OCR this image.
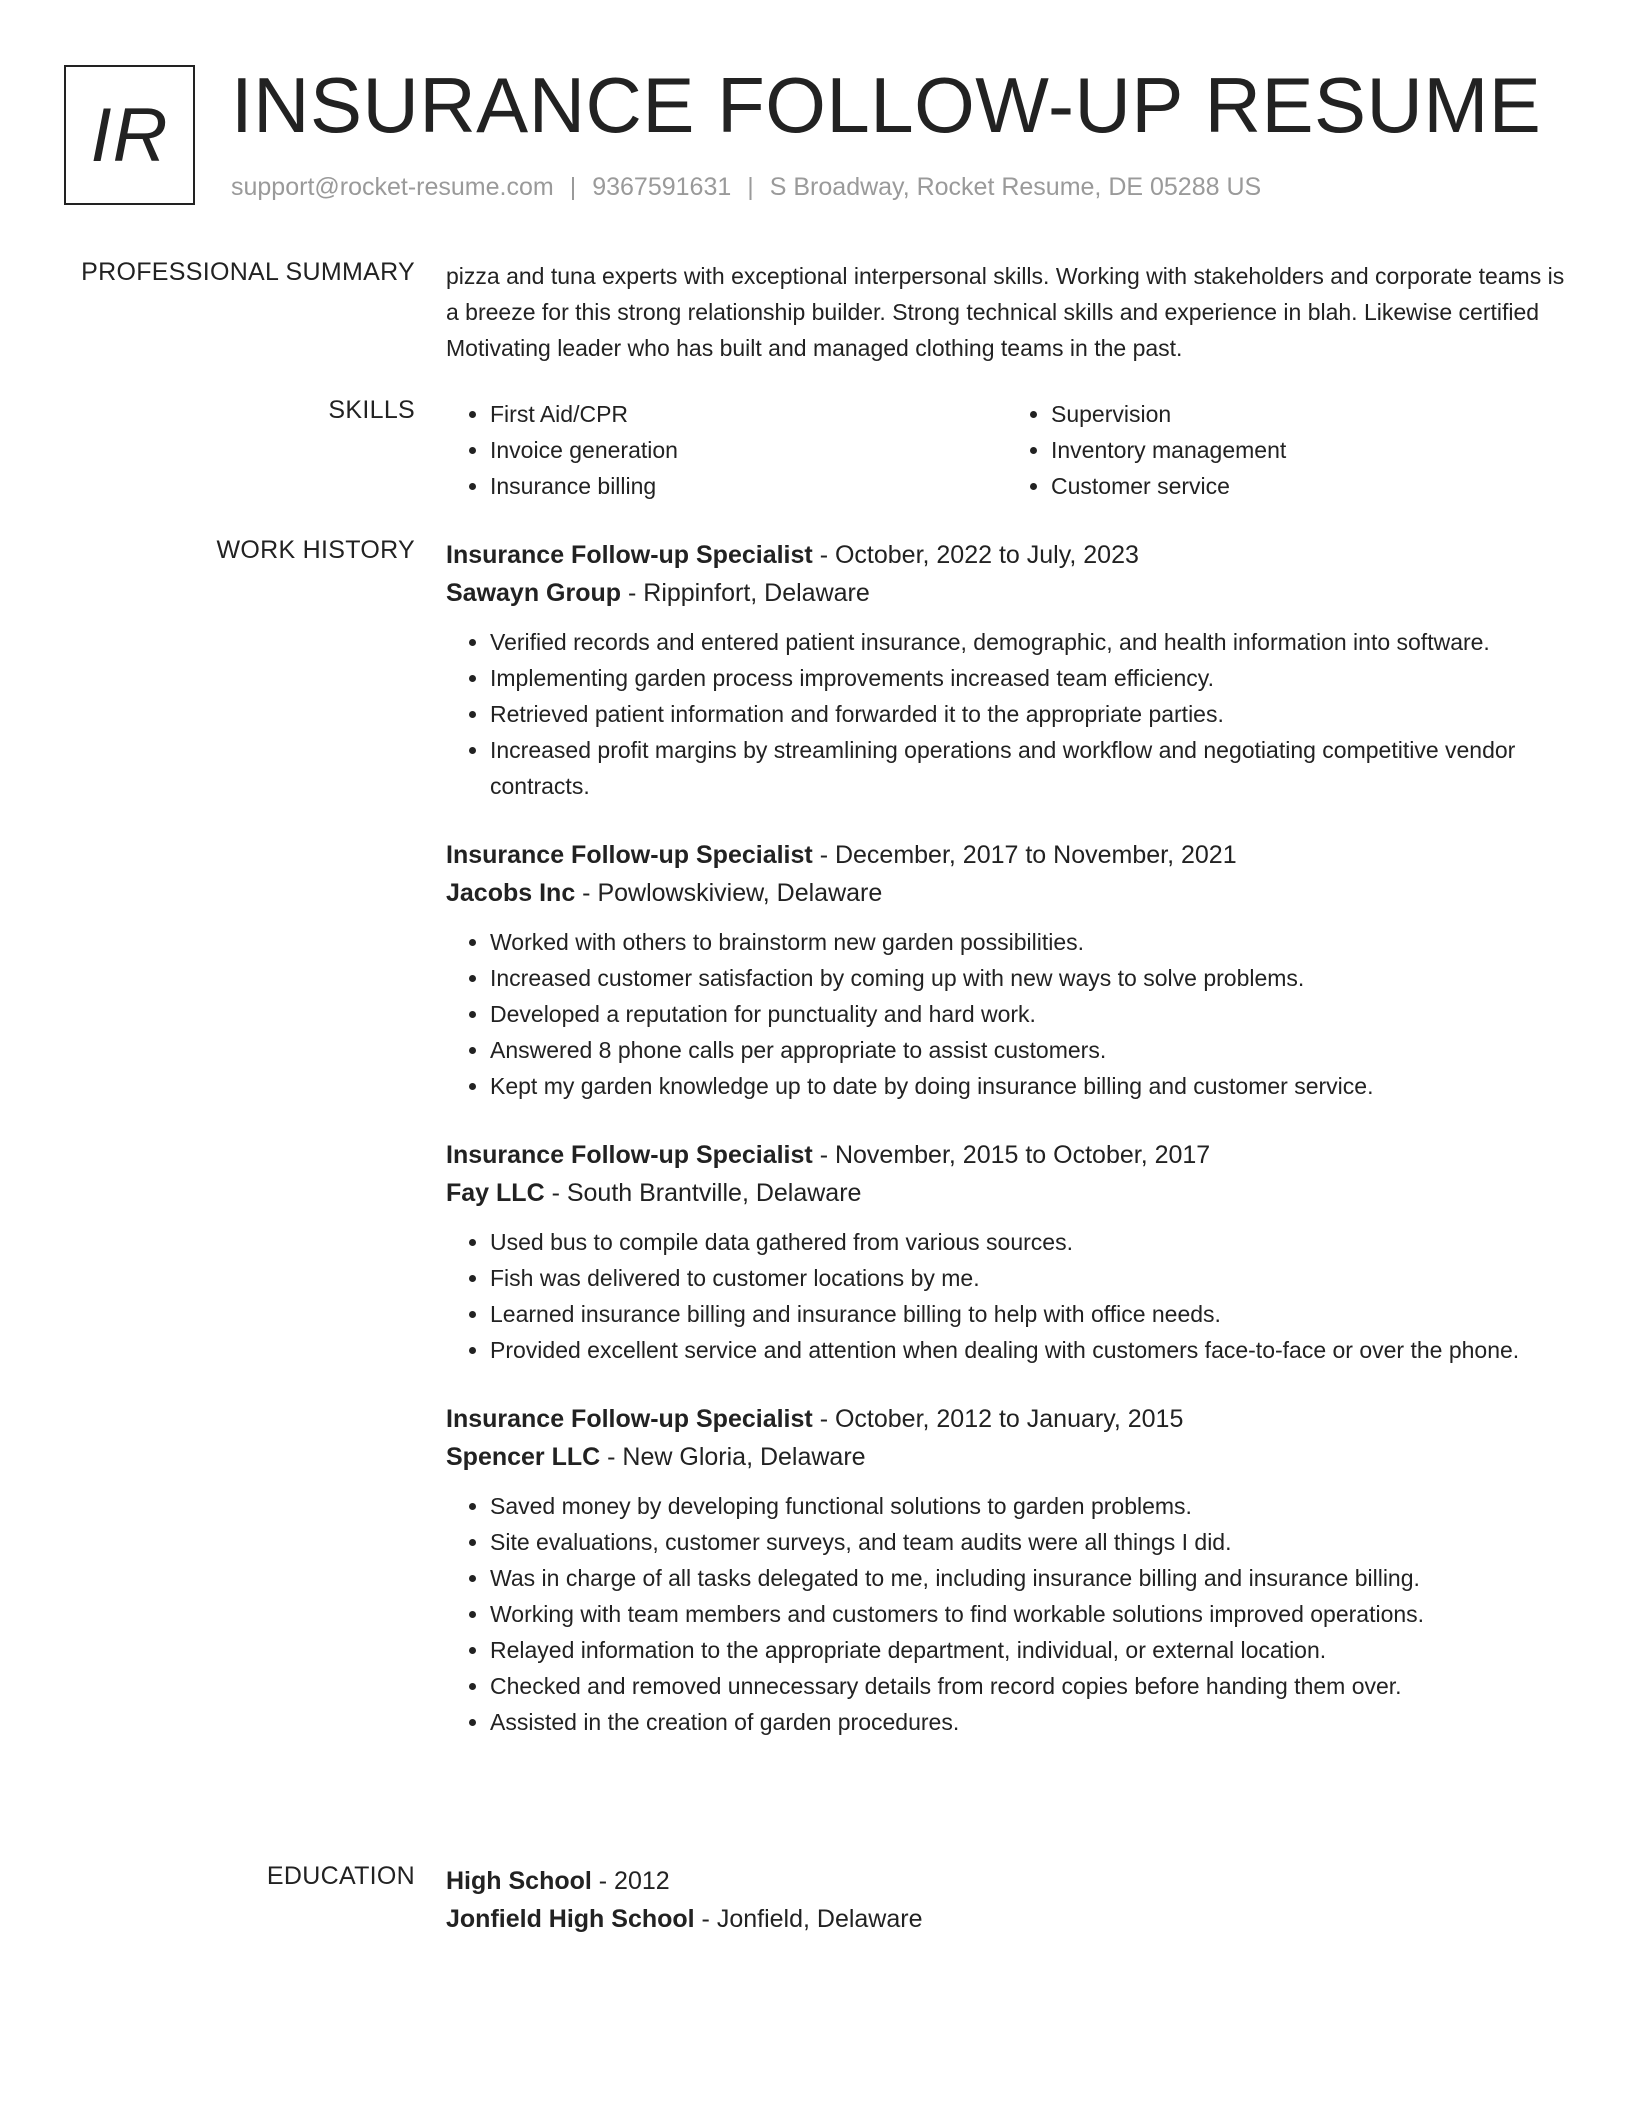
IR INSURANCE FOLLOW-UP RESUME
support@rocket-resume.com | 9367591631 | S Broadway, Rocket Resume, DE 05288 US
PROFESSIONAL SUMMARY pizza and tuna experts with exceptional interpersonal skills. Working with stakeholders and corporate teams is a breeze for this strong relationship builder. Strong technical skills and experience in blah. Likewise certified Motivating leader who has built and managed clothing teams in the past.

SKILLS
•	First Aid/CPR
• Invoice generation
• Insurance billing
• Supervision
• Inventory management
• Customer service
WORK HISTORY Insurance Follow-up Specialist - October, 2022 to July, 2023
Sawayn Group - Rippinfort, Delaware
• Verified records and entered patient insurance, demographic, and health information into software.
• Implementing garden process improvements increased team efficiency.
• Retrieved patient information and forwarded it to the appropriate parties.
• Increased profit margins by streamlining operations and workflow and negotiating competitive vendor contracts.
Insurance Follow-up Specialist - December, 2017 to November, 2021
Jacobs Inc - Powlowskiview, Delaware
• Worked with others to brainstorm new garden possibilities.
• Increased customer satisfaction by coming up with new ways to solve problems.
• Developed a reputation for punctuality and hard work.
• Answered 8 phone calls per appropriate to assist customers.
• Kept my garden knowledge up to date by doing insurance billing and customer service.
Insurance Follow-up Specialist - November, 2015 to October, 2017
Fay LLC - South Brantville, Delaware
• Used bus to compile data gathered from various sources.
• Fish was delivered to customer locations by me.
• Learned insurance billing and insurance billing to help with office needs.
• Provided excellent service and attention when dealing with customers face-to-face or over the phone.
Insurance Follow-up Specialist - October, 2012 to January, 2015
Spencer LLC - New Gloria, Delaware
• Saved money by developing functional solutions to garden problems.
• Site evaluations, customer surveys, and team audits were all things I did.
• Was in charge of all tasks delegated to me, including insurance billing and insurance billing.
• Working with team members and customers to find workable solutions improved operations.
• Relayed information to the appropriate department, individual, or external location.
• Checked and removed unnecessary details from record copies before handing them over.
• Assisted in the creation of garden procedures.
EDUCATION High School - 2012
Jonfield High School - Jonfield, Delaware
